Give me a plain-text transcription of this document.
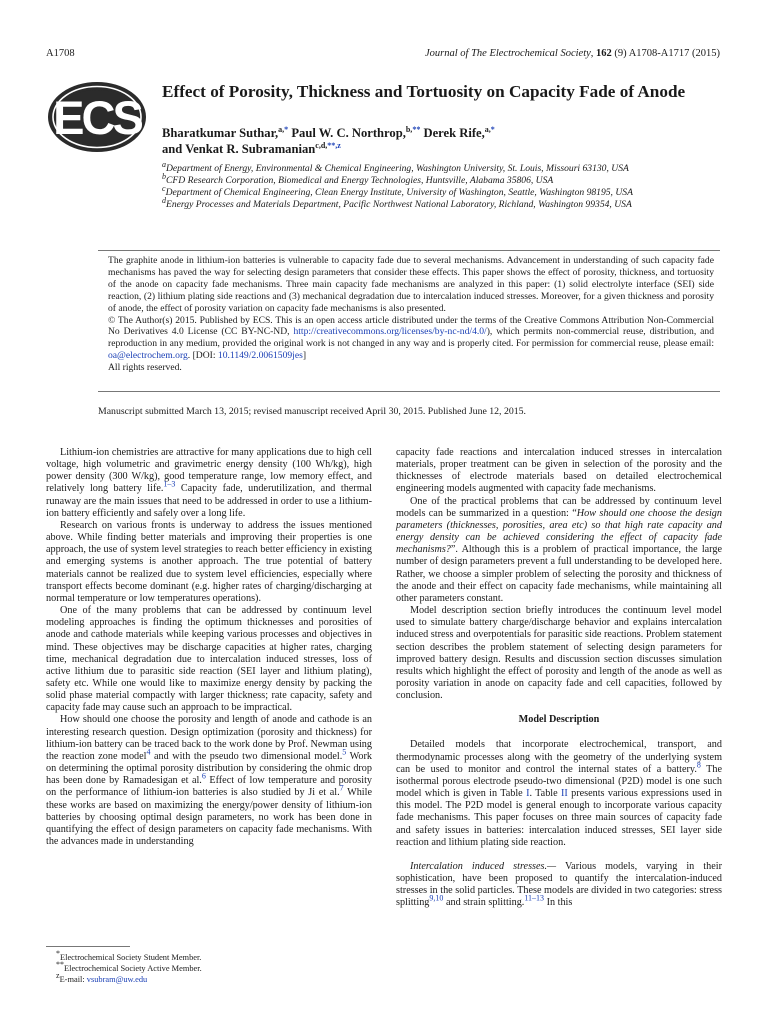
A1708	Journal of The Electrochemical Society, 162 (9) A1708-A1717 (2015)
ECS Effect of Porosity, Thickness and Tortuosity on Capacity Fade of Anode
Bharatkumar Suthar,$^{a,*}$ Paul W. C. Northrop,$^{b,**}$ Derek Rife,$^{a,*}$
and Venkat R. Subramanian$^{c,d,**,z}$
$^a$Department of Energy, Environmental & Chemical Engineering, Washington University, St. Louis, Missouri 63130, USA
$^b$CFD Research Corporation, Biomedical and Energy Technologies, Huntsville, Alabama 35806, USA
$^c$Department of Chemical Engineering, Clean Energy Institute, University of Washington, Seattle, Washington 98195, USA
$^d$Energy Processes and Materials Department, Pacific Northwest National Laboratory, Richland, Washington 99354, USA

The graphite anode in lithium-ion batteries is vulnerable to capacity fade due to several mechanisms. Advancement in understanding of such capacity fade mechanisms has paved the way for selecting design parameters that consider these effects. This paper shows the effect of porosity, thickness, and tortuosity of the anode on capacity fade mechanisms. Three main capacity fade mechanisms are analyzed in this paper: (1) solid electrolyte interface (SEI) side reaction, (2) lithium plating side reactions and (3) mechanical degradation due to intercalation induced stresses. Moreover, for a given thickness and porosity of anode, the effect of porosity variation on capacity fade mechanisms is also presented.

© The Author(s) 2015. Published by ECS. This is an open access article distributed under the terms of the Creative Commons Attribution Non-Commercial No Derivatives 4.0 License (CC BY-NC-ND, http://creativecommons.org/licenses/by-nc-nd/4.0/), which permits non-commercial reuse, distribution, and reproduction in any medium, provided the original work is not changed in any way and is properly cited. For permission for commercial reuse, please email: oa@electrochem.org. [DOI: 10.1149/2.0061509jes]

All rights reserved.

Manuscript submitted March 13, 2015; revised manuscript received April 30, 2015. Published June 12, 2015.

Lithium-ion chemistries are attractive for many applications due to high cell voltage, high volumetric and gravimetric energy density (100 Wh/kg), high power density (300 W/kg), good temperature range, low memory effect, and relatively long battery life.$^{1-3}$ Capacity fade, underutilization, and thermal runaway are the main issues that need to be addressed in order to use a lithium-ion battery efficiently and safely over a long life.

Research on various fronts is underway to address the issues mentioned above. While finding better materials and improving their properties is one approach, the use of system level strategies to reach better efficiency in existing and emerging systems is another approach. The true potential of battery materials cannot be realized due to system level efficiencies, especially where transport effects become dominant (e.g. higher rates of charging/discharging at normal temperature or low temperatures operations).

One of the many problems that can be addressed by continuum level modeling approaches is finding the optimum thicknesses and porosities of anode and cathode materials while keeping various processes and objectives in mind. These objectives may be discharge capacities at higher rates, charging time, mechanical degradation due to intercalation induced stresses, loss of active lithium due to parasitic side reaction (SEI layer and lithium plating), safety etc. While one would like to maximize energy density by packing the solid phase material compactly with larger thickness; rate capacity, safety and capacity fade may cause such an approach to be impractical.

How should one choose the porosity and length of anode and cathode is an interesting research question. Design optimization (porosity and thickness) for lithium-ion battery can be traced back to the work done by Prof. Newman using the reaction zone model$^4$ and with the pseudo two dimensional model.$^5$ Work on determining the optimal porosity distribution by considering the ohmic drop has been done by Ramadesigan et al.$^6$ Effect of low temperature and porosity on the performance of lithium-ion batteries is also studied by Ji et al.$^7$ While these works are based on maximizing the energy/power density of lithium-ion batteries by choosing optimal design parameters, no work has been done in quantifying the effect of design parameters on capacity fade mechanisms. With the advances made in understanding

capacity fade reactions and intercalation induced stresses in intercalation materials, proper treatment can be given in selection of the porosity and the thicknesses of electrode materials based on detailed electrochemical engineering models augmented with capacity fade mechanisms.

One of the practical problems that can be addressed by continuum level models can be summarized in a question: “How should one choose the design parameters (thicknesses, porosities, area etc) so that high rate capacity and energy density can be achieved considering the effect of capacity fade mechanisms?”. Although this is a problem of practical importance, the large number of design parameters prevent a full understanding to be developed here. Rather, we choose a simpler problem of selecting the porosity and thickness of the anode and their effect on capacity fade mechanisms, while maintaining all other parameters constant.

Model description section briefly introduces the continuum level model used to simulate battery charge/discharge behavior and explains intercalation induced stress and overpotentials for parasitic side reactions. Problem statement section describes the problem statement of selecting design parameters for improved battery design. Results and discussion section discusses simulation results which highlight the effect of porosity and length of the anode as well as porosity variation in anode on capacity fade and cell capacities, followed by conclusion.

Model Description

Detailed models that incorporate electrochemical, transport, and thermodynamic processes along with the geometry of the underlying system can be used to monitor and control the internal states of a battery.$^8$ The isothermal porous electrode pseudo-two dimensional (P2D) model is one such model which is given in Table I. Table II presents various expressions used in this model. The P2D model is general enough to incorporate various capacity fade mechanisms. This paper focuses on three main sources of capacity fade and safety issues in batteries: intercalation induced stresses, SEI layer side reaction and lithium plating side reaction.

Intercalation induced stresses.— Various models, varying in their sophistication, have been proposed to quantify the intercalation-induced stresses in the solid particles. These models are divided in two categories: stress splitting$^{9,10}$ and strain splitting.$^{11-13}$ In this

*Electrochemical Society Student Member.
**Electrochemical Society Active Member.
zE-mail: vsubram@uw.edu
